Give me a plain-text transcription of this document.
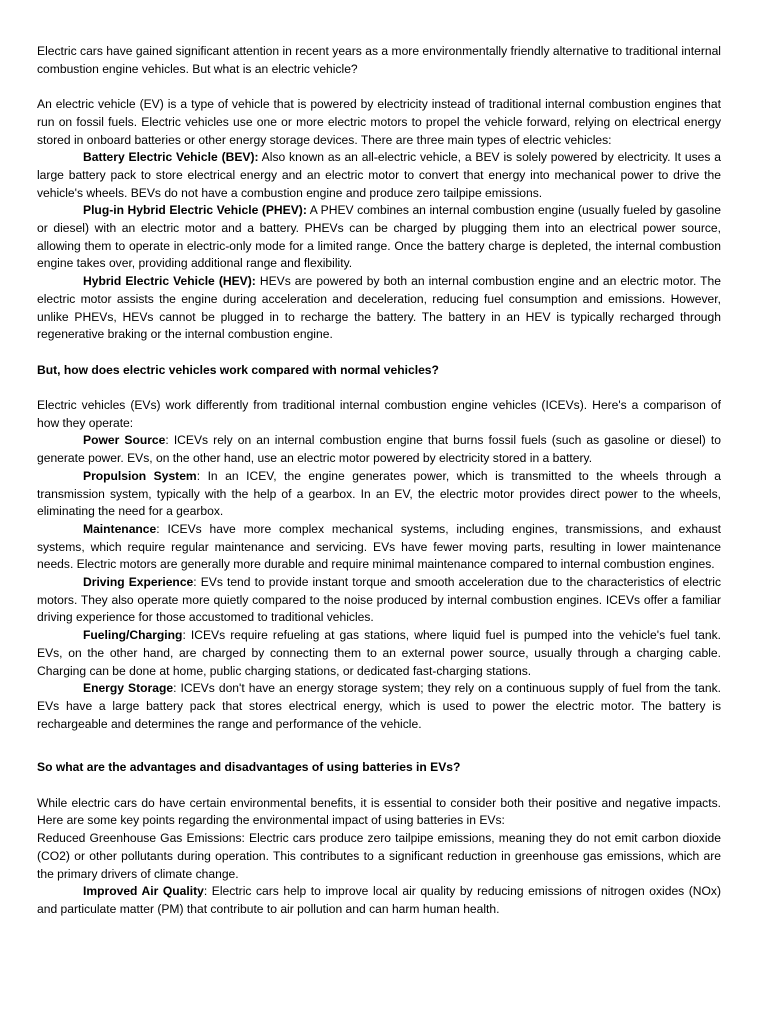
Electric cars have gained significant attention in recent years as a more environmentally friendly alternative to traditional internal combustion engine vehicles. But what is an electric vehicle?

An electric vehicle (EV) is a type of vehicle that is powered by electricity instead of traditional internal combustion engines that run on fossil fuels. Electric vehicles use one or more electric motors to propel the vehicle forward, relying on electrical energy stored in onboard batteries or other energy storage devices. There are three main types of electric vehicles:

Battery Electric Vehicle (BEV): Also known as an all-electric vehicle, a BEV is solely powered by electricity. It uses a large battery pack to store electrical energy and an electric motor to convert that energy into mechanical power to drive the vehicle's wheels. BEVs do not have a combustion engine and produce zero tailpipe emissions.

Plug-in Hybrid Electric Vehicle (PHEV): A PHEV combines an internal combustion engine (usually fueled by gasoline or diesel) with an electric motor and a battery. PHEVs can be charged by plugging them into an electrical power source, allowing them to operate in electric-only mode for a limited range. Once the battery charge is depleted, the internal combustion engine takes over, providing additional range and flexibility.

Hybrid Electric Vehicle (HEV): HEVs are powered by both an internal combustion engine and an electric motor. The electric motor assists the engine during acceleration and deceleration, reducing fuel consumption and emissions. However, unlike PHEVs, HEVs cannot be plugged in to recharge the battery. The battery in an HEV is typically recharged through regenerative braking or the internal combustion engine.

But, how does electric vehicles work compared with normal vehicles?

Electric vehicles (EVs) work differently from traditional internal combustion engine vehicles (ICEVs). Here's a comparison of how they operate:

Power Source: ICEVs rely on an internal combustion engine that burns fossil fuels (such as gasoline or diesel) to generate power. EVs, on the other hand, use an electric motor powered by electricity stored in a battery.

Propulsion System: In an ICEV, the engine generates power, which is transmitted to the wheels through a transmission system, typically with the help of a gearbox. In an EV, the electric motor provides direct power to the wheels, eliminating the need for a gearbox.

Maintenance: ICEVs have more complex mechanical systems, including engines, transmissions, and exhaust systems, which require regular maintenance and servicing. EVs have fewer moving parts, resulting in lower maintenance needs. Electric motors are generally more durable and require minimal maintenance compared to internal combustion engines.

Driving Experience: EVs tend to provide instant torque and smooth acceleration due to the characteristics of electric motors. They also operate more quietly compared to the noise produced by internal combustion engines. ICEVs offer a familiar driving experience for those accustomed to traditional vehicles.

Fueling/Charging: ICEVs require refueling at gas stations, where liquid fuel is pumped into the vehicle's fuel tank. EVs, on the other hand, are charged by connecting them to an external power source, usually through a charging cable. Charging can be done at home, public charging stations, or dedicated fast-charging stations.

Energy Storage: ICEVs don't have an energy storage system; they rely on a continuous supply of fuel from the tank. EVs have a large battery pack that stores electrical energy, which is used to power the electric motor. The battery is rechargeable and determines the range and performance of the vehicle.

So what are the advantages and disadvantages of using batteries in EVs?

While electric cars do have certain environmental benefits, it is essential to consider both their positive and negative impacts. Here are some key points regarding the environmental impact of using batteries in EVs:

Reduced Greenhouse Gas Emissions: Electric cars produce zero tailpipe emissions, meaning they do not emit carbon dioxide (CO2) or other pollutants during operation. This contributes to a significant reduction in greenhouse gas emissions, which are the primary drivers of climate change.

Improved Air Quality: Electric cars help to improve local air quality by reducing emissions of nitrogen oxides (NOx) and particulate matter (PM) that contribute to air pollution and can harm human health.
